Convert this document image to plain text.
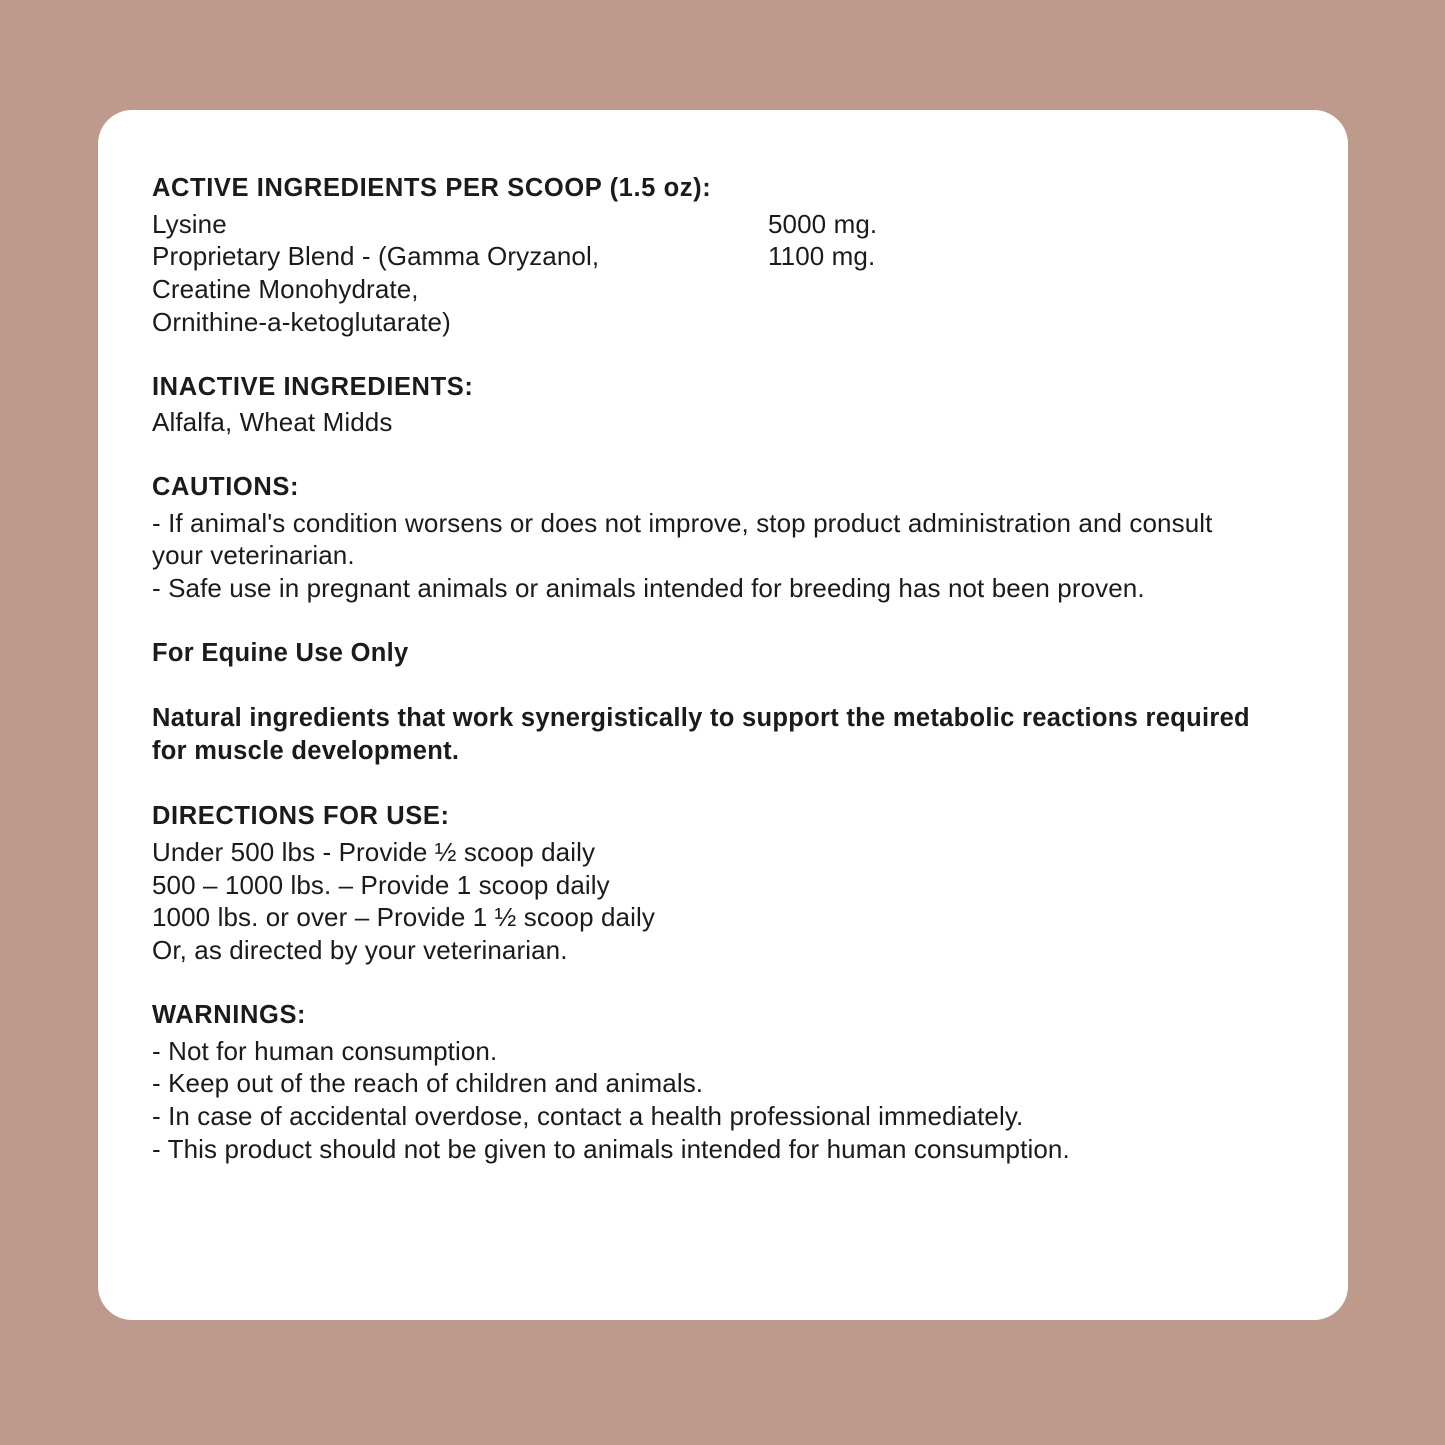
ACTIVE INGREDIENTS PER SCOOP (1.5 oz):
Lysine	5000 mg.
Proprietary Blend - (Gamma Oryzanol,	1100 mg.
Creatine Monohydrate,
Ornithine-a-ketoglutarate)
INACTIVE INGREDIENTS:
Alfalfa, Wheat Midds
CAUTIONS:
- If animal's condition worsens or does not improve, stop product administration and consult
your veterinarian.
- Safe use in pregnant animals or animals intended for breeding has not been proven.
For Equine Use Only
Natural ingredients that work synergistically to support the metabolic reactions required
for muscle development.
DIRECTIONS FOR USE:
Under 500 lbs - Provide ½ scoop daily
500 – 1000 lbs. – Provide 1 scoop daily
1000 lbs. or over – Provide 1 ½ scoop daily
Or, as directed by your veterinarian.
WARNINGS:
- Not for human consumption.
- Keep out of the reach of children and animals.
- In case of accidental overdose, contact a health professional immediately.
- This product should not be given to animals intended for human consumption.
